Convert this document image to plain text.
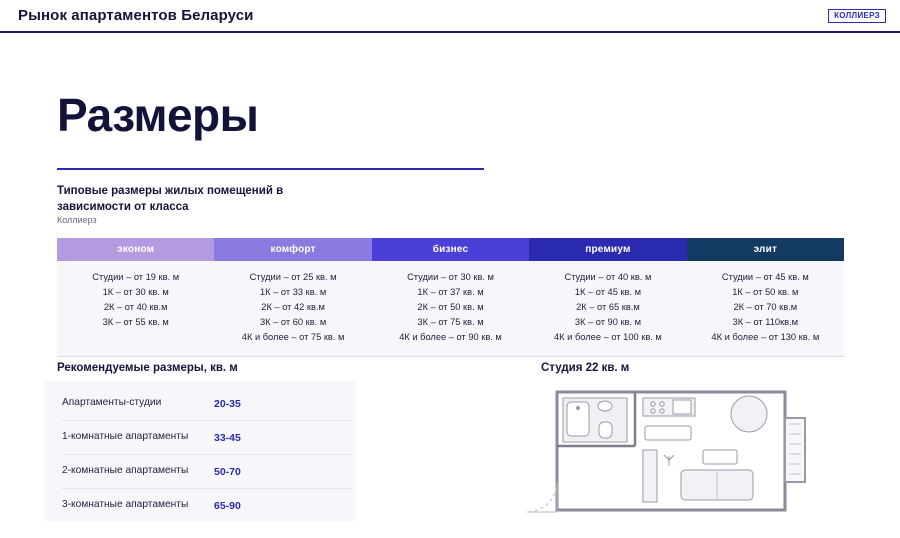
Рынок апартаментов Беларуси	КОЛЛИЕРЗ
Размеры
Типовые размеры жилых помещений в зависимости от класса
Коллиерз
эконом	комфорт	бизнес	премиум	элит
Студии – от 19 кв. м
1К – от 30 кв. м
2К – от 40 кв.м
3К – от 55 кв. м

Студии – от 25 кв. м
1К – от 33 кв. м
2К – от 42 кв.м
3К – от 60 кв. м
4К и более – от 75 кв. м
Студии – от 30 кв. м
1К – от 37 кв. м
2К – от 50 кв. м
3К – от 75 кв. м
4К и более – от 90 кв. м
Студии – от 40 кв. м
1К – от 45 кв. м
2К – от 65 кв.м
3К – от 90 кв. м
4К и более – от 100 кв. м
Студии – от 45 кв. м
1К – от 50 кв. м
2К – от 70 кв.м
3К – от 110кв.м
4К и более – от 130 кв. м
Рекомендуемые размеры, кв. м
Апартаменты-студии	20-35
1-комнатные апартаменты	33-45
2-комнатные апартаменты	50-70
3-комнатные апартаменты	65-90
Студия 22 кв. м
